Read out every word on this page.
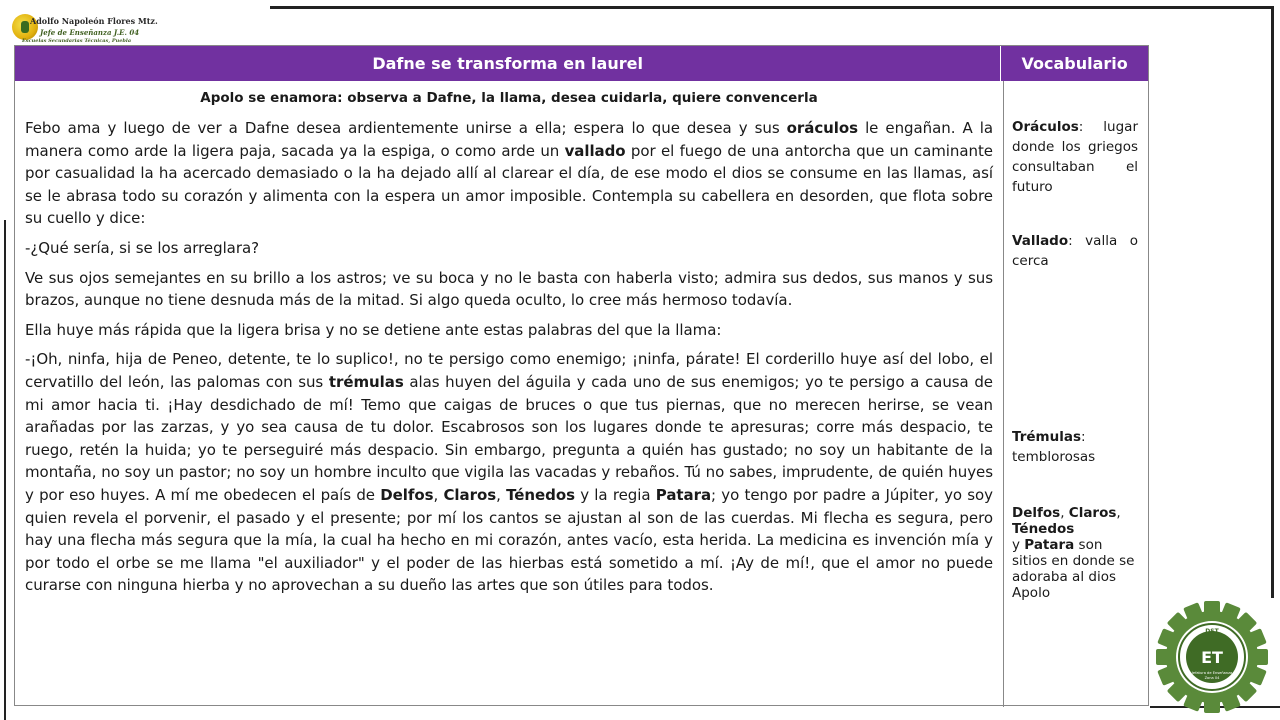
Adolfo Napoleón Flores Mtz.
Jefe de Enseñanza J.E. 04
Escuelas Secundarias Técnicas, Puebla
Dafne se transforma en laurel	Vocabulario
Apolo se enamora: observa a Dafne, la llama, desea cuidarla, quiere convencerla

Febo ama y luego de ver a Dafne desea ardientemente unirse a ella; espera lo que desea y sus oráculos le engañan. A la manera como arde la ligera paja, sacada ya la espiga, o como arde un vallado por el fuego de una antorcha que un caminante por casualidad la ha acercado demasiado o la ha dejado allí al clarear el día, de ese modo el dios se consume en las llamas, así se le abrasa todo su corazón y alimenta con la espera un amor imposible. Contempla su cabellera en desorden, que flota sobre su cuello y dice:

-¿Qué sería, si se los arreglara?

Ve sus ojos semejantes en su brillo a los astros; ve su boca y no le basta con haberla visto; admira sus dedos, sus manos y sus brazos, aunque no tiene desnuda más de la mitad. Si algo queda oculto, lo cree más hermoso todavía.

Ella huye más rápida que la ligera brisa y no se detiene ante estas palabras del que la llama:

-¡Oh, ninfa, hija de Peneo, detente, te lo suplico!, no te persigo como enemigo; ¡ninfa, párate! El corderillo huye así del lobo, el cervatillo del león, las palomas con sus trémulas alas huyen del águila y cada uno de sus enemigos; yo te persigo a causa de mi amor hacia ti. ¡Hay desdichado de mí! Temo que caigas de bruces o que tus piernas, que no merecen herirse, se vean arañadas por las zarzas, y yo sea causa de tu dolor. Escabrosos son los lugares donde te apresuras; corre más despacio, te ruego, retén la huida; yo te perseguiré más despacio. Sin embargo, pregunta a quién has gustado; no soy un habitante de la montaña, no soy un pastor; no soy un hombre inculto que vigila las vacadas y rebaños. Tú no sabes, imprudente, de quién huyes y por eso huyes. A mí me obedecen el país de Delfos, Claros, Ténedos y la regia Patara; yo tengo por padre a Júpiter, yo soy quien revela el porvenir, el pasado y el presente; por mí los cantos se ajustan al son de las cuerdas. Mi flecha es segura, pero hay una flecha más segura que la mía, la cual ha hecho en mi corazón, antes vacío, esta herida. La medicina es invención mía y por todo el orbe se me llama "el auxiliador" y el poder de las hierbas está sometido a mí. ¡Ay de mí!, que el amor no puede curarse con ninguna hierba y no aprovechan a su dueño las artes que son útiles para todos.

Oráculos: lugar donde los griegos consultaban el futuro
Vallado: valla o cerca
Trémulas: temblorosas
Delfos, Claros, Ténedos
y Patara son sitios en donde se adoraba al dios Apolo
DST
ET
Jefatura de Enseñanza
Zona 04
